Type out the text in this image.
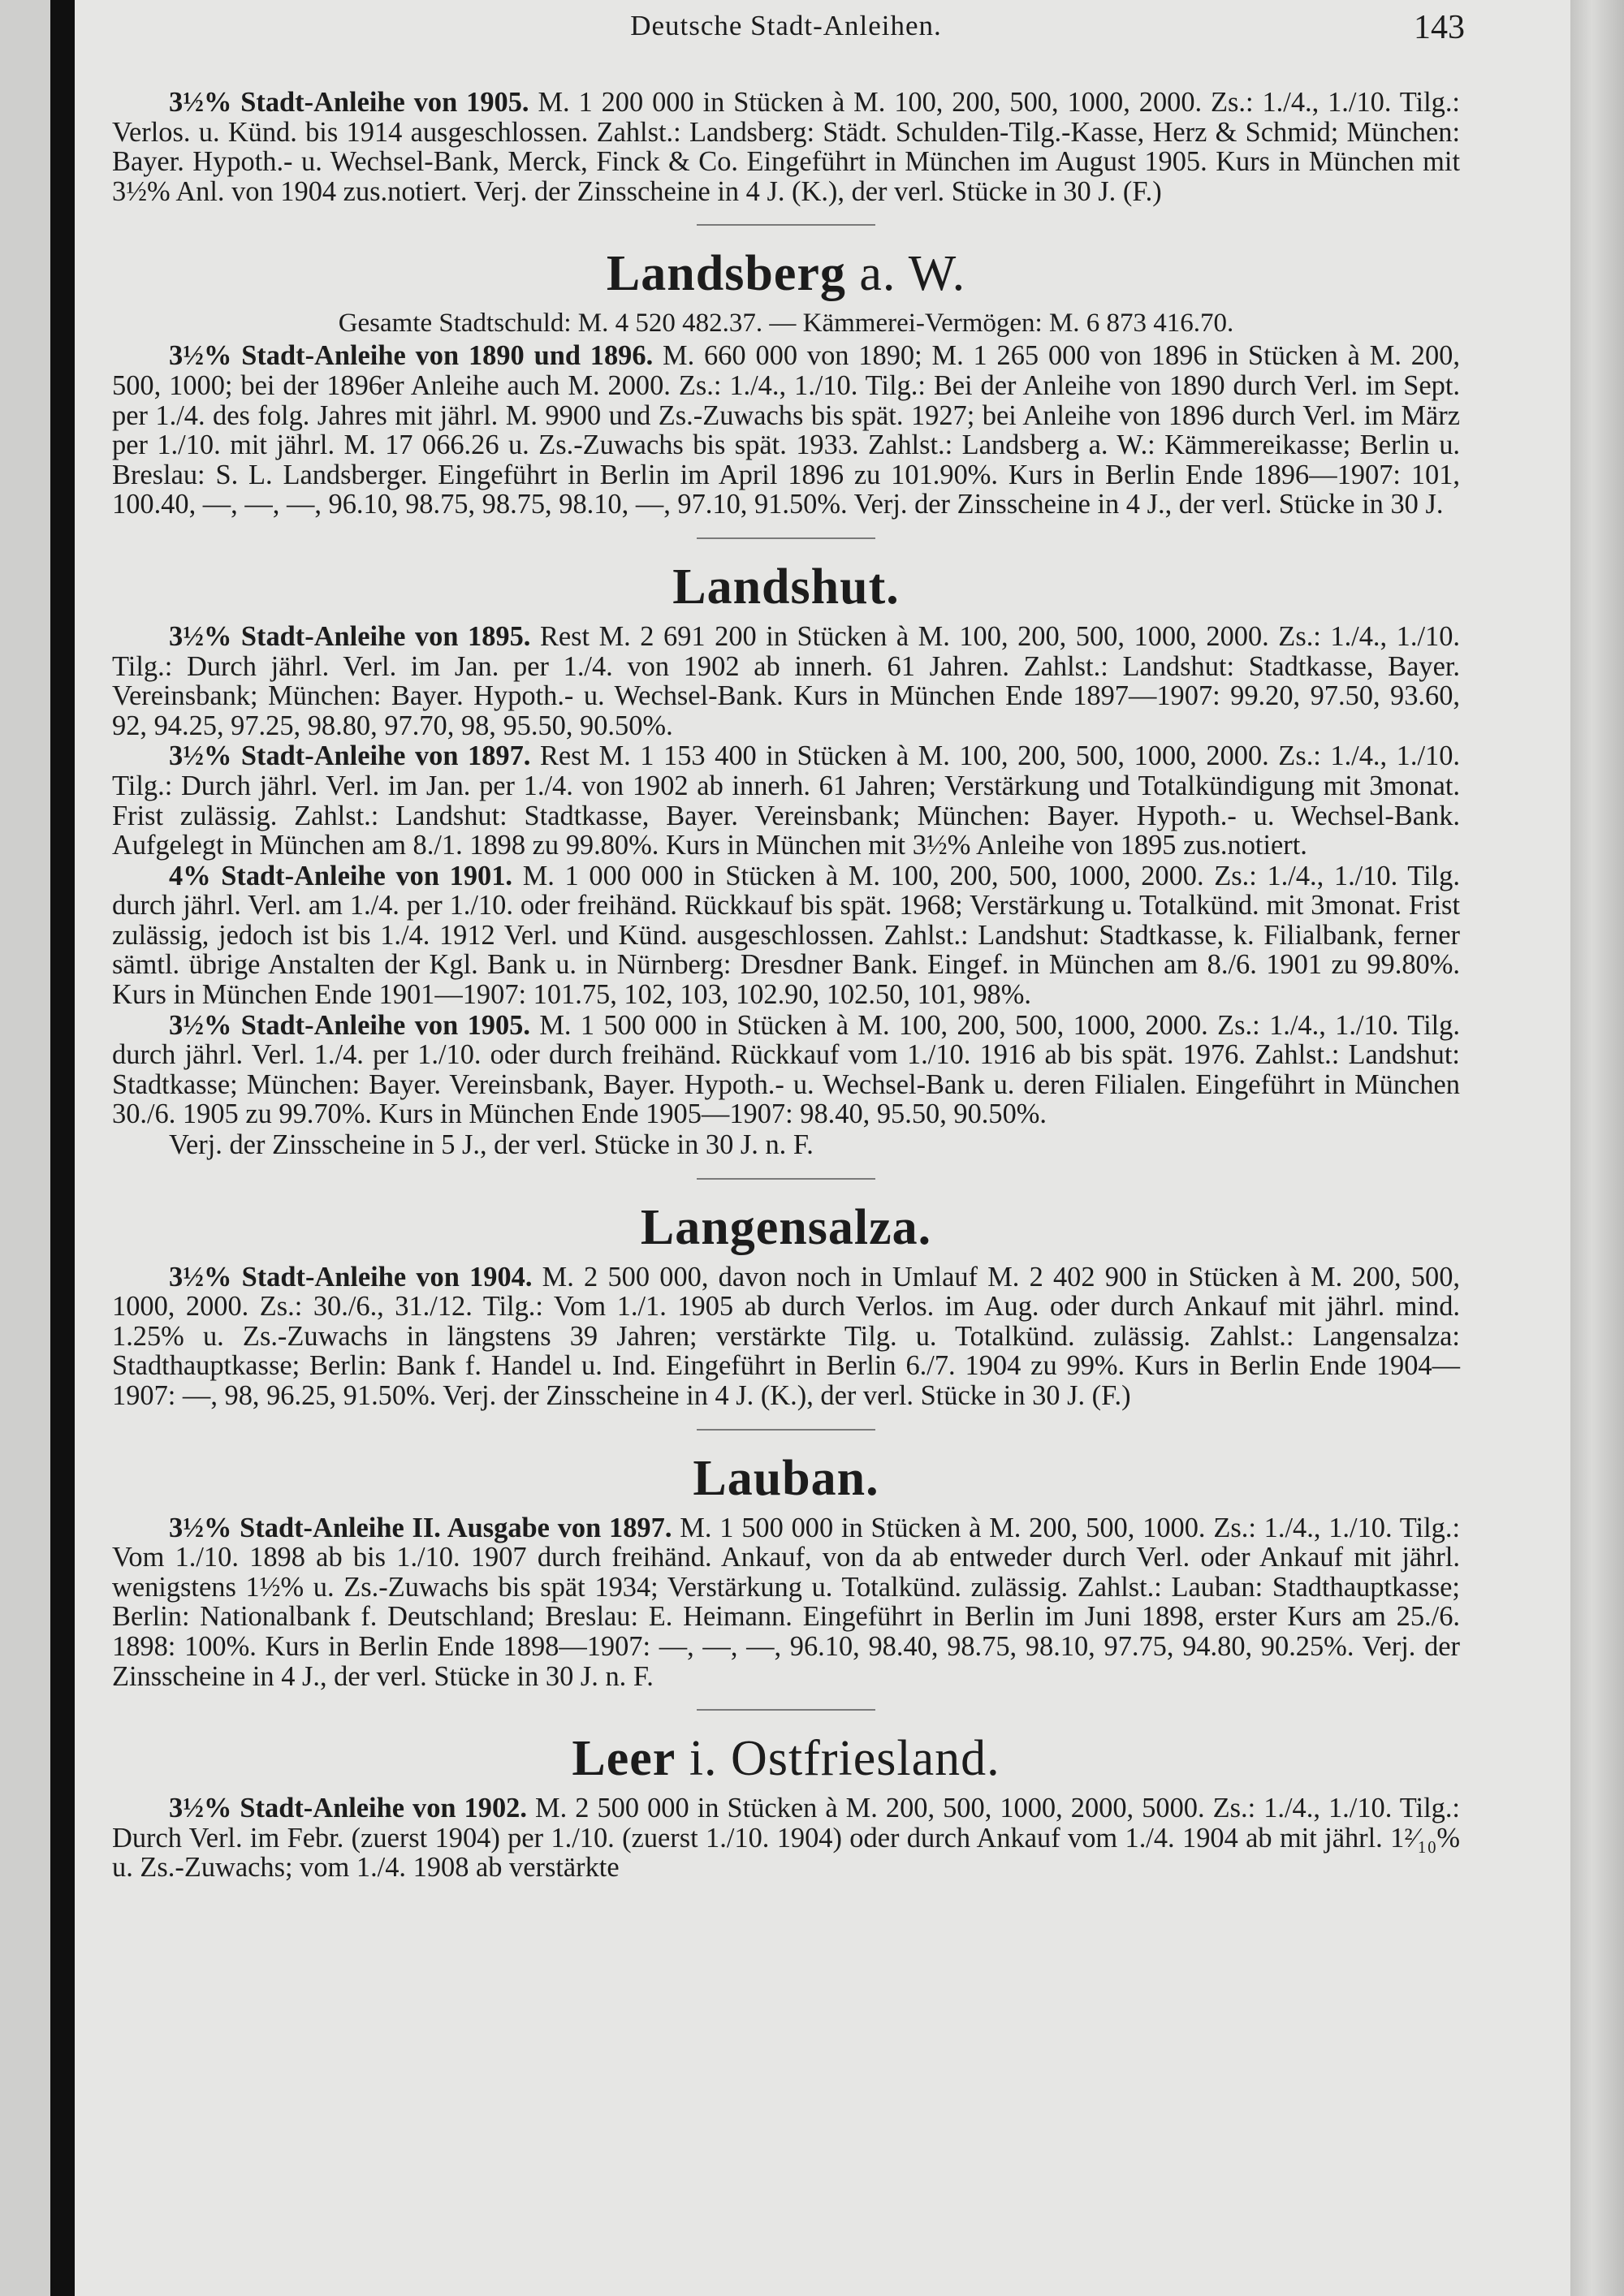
Deutsche Stadt-Anleihen.	143

3½% Stadt-Anleihe von 1905. M. 1 200 000 in Stücken à M. 100, 200, 500, 1000, 2000. Zs.: 1./4., 1./10. Tilg.: Verlos. u. Künd. bis 1914 ausgeschlossen. Zahlst.: Landsberg: Städt. Schulden-Tilg.-Kasse, Herz & Schmid; München: Bayer. Hypoth.- u. Wechsel-Bank, Merck, Finck & Co. Eingeführt in München im August 1905. Kurs in München mit 3½% Anl. von 1904 zus.notiert. Verj. der Zinsscheine in 4 J. (K.), der verl. Stücke in 30 J. (F.)

Landsberg a. W.
Gesamte Stadtschuld: M. 4 520 482.37. — Kämmerei-Vermögen: M. 6 873 416.70.

3½% Stadt-Anleihe von 1890 und 1896. M. 660 000 von 1890; M. 1 265 000 von 1896 in Stücken à M. 200, 500, 1000; bei der 1896er Anleihe auch M. 2000. Zs.: 1./4., 1./10. Tilg.: Bei der Anleihe von 1890 durch Verl. im Sept. per 1./4. des folg. Jahres mit jährl. M. 9900 und Zs.-Zuwachs bis spät. 1927; bei Anleihe von 1896 durch Verl. im März per 1./10. mit jährl. M. 17 066.26 u. Zs.-Zuwachs bis spät. 1933. Zahlst.: Landsberg a. W.: Kämmereikasse; Berlin u. Breslau: S. L. Landsberger. Eingeführt in Berlin im April 1896 zu 101.90%. Kurs in Berlin Ende 1896—1907: 101, 100.40, —, —, —, 96.10, 98.75, 98.75, 98.10, —, 97.10, 91.50%. Verj. der Zinsscheine in 4 J., der verl. Stücke in 30 J.

Landshut.

3½% Stadt-Anleihe von 1895. Rest M. 2 691 200 in Stücken à M. 100, 200, 500, 1000, 2000. Zs.: 1./4., 1./10. Tilg.: Durch jährl. Verl. im Jan. per 1./4. von 1902 ab innerh. 61 Jahren. Zahlst.: Landshut: Stadtkasse, Bayer. Vereinsbank; München: Bayer. Hypoth.- u. Wechsel-Bank. Kurs in München Ende 1897—1907: 99.20, 97.50, 93.60, 92, 94.25, 97.25, 98.80, 97.70, 98, 95.50, 90.50%.

3½% Stadt-Anleihe von 1897. Rest M. 1 153 400 in Stücken à M. 100, 200, 500, 1000, 2000. Zs.: 1./4., 1./10. Tilg.: Durch jährl. Verl. im Jan. per 1./4. von 1902 ab innerh. 61 Jahren; Verstärkung und Totalkündigung mit 3monat. Frist zulässig. Zahlst.: Landshut: Stadtkasse, Bayer. Vereinsbank; München: Bayer. Hypoth.- u. Wechsel-Bank. Aufgelegt in München am 8./1. 1898 zu 99.80%. Kurs in München mit 3½% Anleihe von 1895 zus.notiert.

4% Stadt-Anleihe von 1901. M. 1 000 000 in Stücken à M. 100, 200, 500, 1000, 2000. Zs.: 1./4., 1./10. Tilg. durch jährl. Verl. am 1./4. per 1./10. oder freihänd. Rückkauf bis spät. 1968; Verstärkung u. Totalkünd. mit 3monat. Frist zulässig, jedoch ist bis 1./4. 1912 Verl. und Künd. ausgeschlossen. Zahlst.: Landshut: Stadtkasse, k. Filialbank, ferner sämtl. übrige Anstalten der Kgl. Bank u. in Nürnberg: Dresdner Bank. Eingef. in München am 8./6. 1901 zu 99.80%. Kurs in München Ende 1901—1907: 101.75, 102, 103, 102.90, 102.50, 101, 98%.

3½% Stadt-Anleihe von 1905. M. 1 500 000 in Stücken à M. 100, 200, 500, 1000, 2000. Zs.: 1./4., 1./10. Tilg. durch jährl. Verl. 1./4. per 1./10. oder durch freihänd. Rückkauf vom 1./10. 1916 ab bis spät. 1976. Zahlst.: Landshut: Stadtkasse; München: Bayer. Vereinsbank, Bayer. Hypoth.- u. Wechsel-Bank u. deren Filialen. Eingeführt in München 30./6. 1905 zu 99.70%. Kurs in München Ende 1905—1907: 98.40, 95.50, 90.50%.

Verj. der Zinsscheine in 5 J., der verl. Stücke in 30 J. n. F.

Langensalza.

3½% Stadt-Anleihe von 1904. M. 2 500 000, davon noch in Umlauf M. 2 402 900 in Stücken à M. 200, 500, 1000, 2000. Zs.: 30./6., 31./12. Tilg.: Vom 1./1. 1905 ab durch Verlos. im Aug. oder durch Ankauf mit jährl. mind. 1.25% u. Zs.-Zuwachs in längstens 39 Jahren; verstärkte Tilg. u. Totalkünd. zulässig. Zahlst.: Langensalza: Stadthauptkasse; Berlin: Bank f. Handel u. Ind. Eingeführt in Berlin 6./7. 1904 zu 99%. Kurs in Berlin Ende 1904—1907: —, 98, 96.25, 91.50%. Verj. der Zinsscheine in 4 J. (K.), der verl. Stücke in 30 J. (F.)

Lauban.

3½% Stadt-Anleihe II. Ausgabe von 1897. M. 1 500 000 in Stücken à M. 200, 500, 1000. Zs.: 1./4., 1./10. Tilg.: Vom 1./10. 1898 ab bis 1./10. 1907 durch freihänd. Ankauf, von da ab entweder durch Verl. oder Ankauf mit jährl. wenigstens 1½% u. Zs.-Zuwachs bis spät 1934; Verstärkung u. Totalkünd. zulässig. Zahlst.: Lauban: Stadthauptkasse; Berlin: Nationalbank f. Deutschland; Breslau: E. Heimann. Eingeführt in Berlin im Juni 1898, erster Kurs am 25./6. 1898: 100%. Kurs in Berlin Ende 1898—1907: —, —, —, 96.10, 98.40, 98.75, 98.10, 97.75, 94.80, 90.25%. Verj. der Zinsscheine in 4 J., der verl. Stücke in 30 J. n. F.

Leer i. Ostfriesland.

3½% Stadt-Anleihe von 1902. M. 2 500 000 in Stücken à M. 200, 500, 1000, 2000, 5000. Zs.: 1./4., 1./10. Tilg.: Durch Verl. im Febr. (zuerst 1904) per 1./10. (zuerst 1./10. 1904) oder durch Ankauf vom 1./4. 1904 ab mit jährl. 1²⁄₁₀% u. Zs.-Zuwachs; vom 1./4. 1908 ab verstärkte
